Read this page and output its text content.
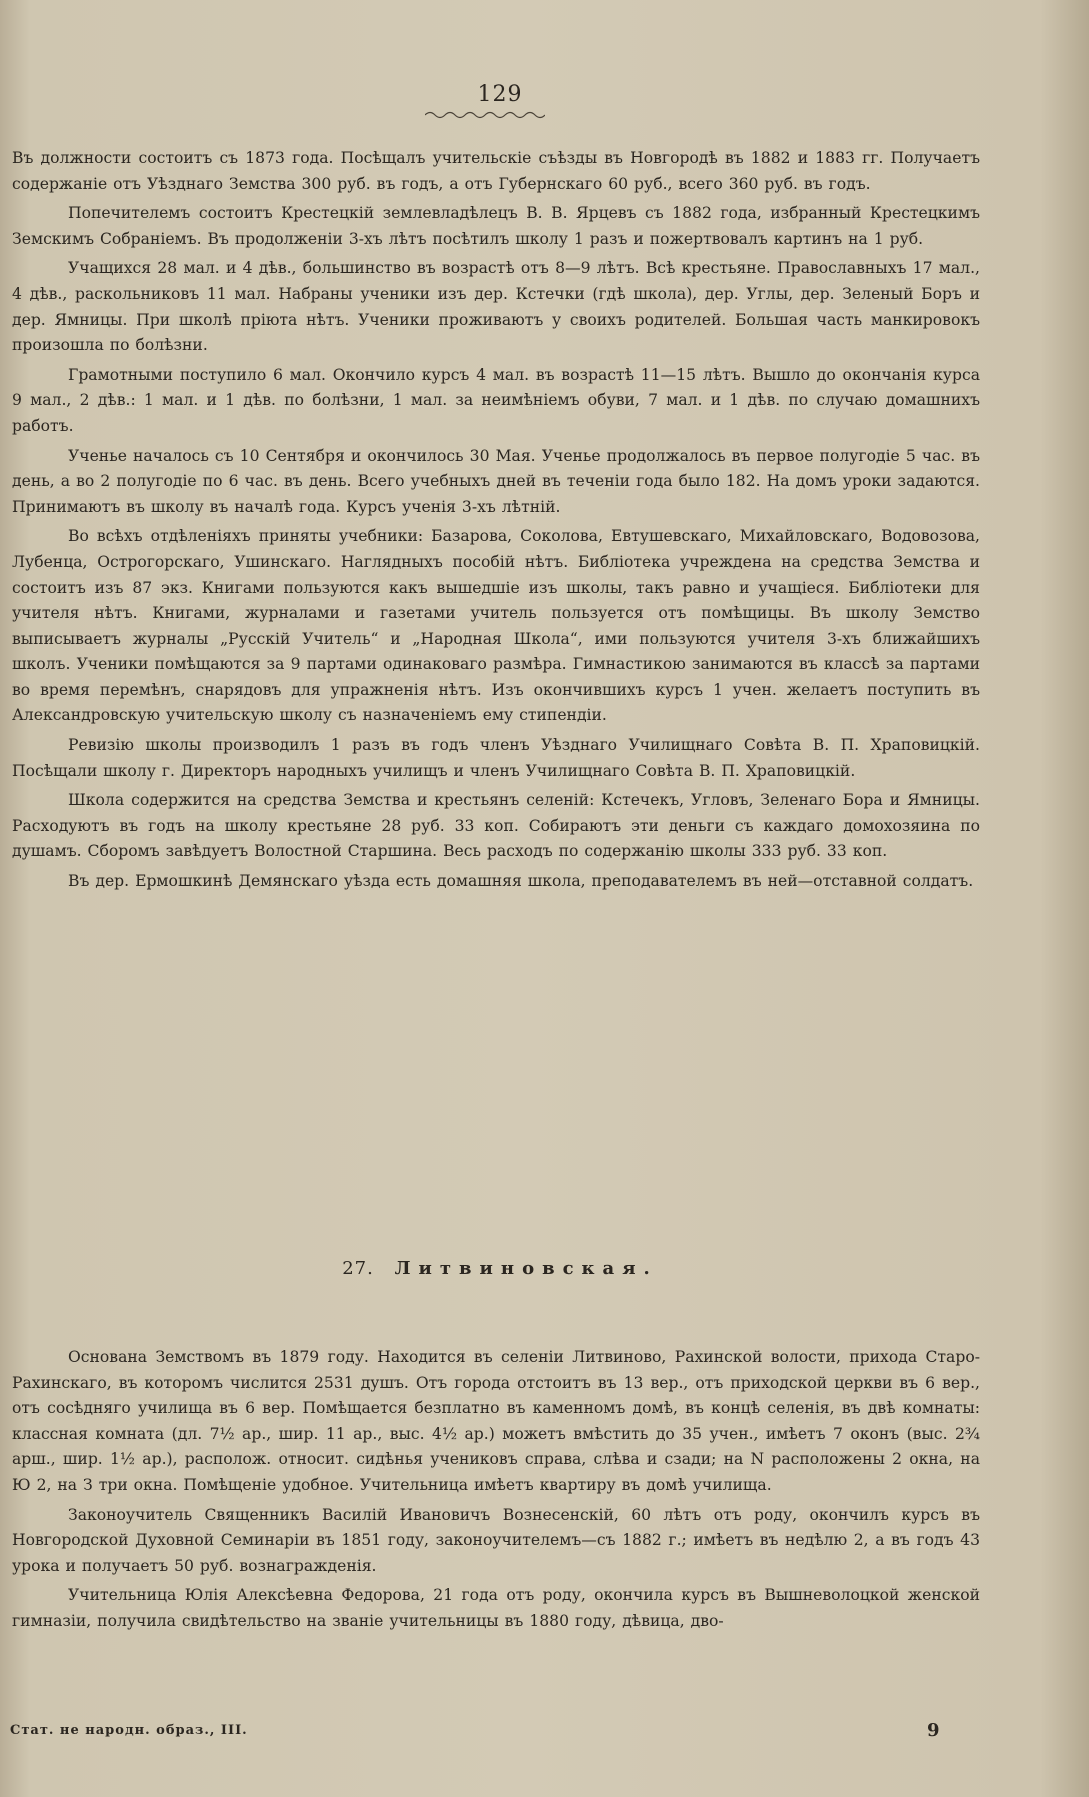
129

Въ должности состоитъ съ 1873 года. Посѣщалъ учительскіе съѣзды въ Новгородѣ въ 1882 и 1883 гг. Получаетъ содержаніе отъ Уѣзднаго Земства 300 руб. въ годъ, а отъ Губернскаго 60 руб., всего 360 руб. въ годъ.

Попечителемъ состоитъ Крестецкій землевладѣлецъ В. В. Ярцевъ съ 1882 года, избранный Крестецкимъ Земскимъ Собраніемъ. Въ продолженіи 3-хъ лѣтъ посѣтилъ школу 1 разъ и пожертвовалъ картинъ на 1 руб.

Учащихся 28 мал. и 4 дѣв., большинство въ возрастѣ отъ 8—9 лѣтъ. Всѣ крестьяне. Православныхъ 17 мал., 4 дѣв., раскольниковъ 11 мал. Набраны ученики изъ дер. Кстечки (гдѣ школа), дер. Углы, дер. Зеленый Боръ и дер. Ямницы. При школѣ пріюта нѣтъ. Ученики проживаютъ у своихъ родителей. Большая часть манкировокъ произошла по болѣзни.

Грамотными поступило 6 мал. Окончило курсъ 4 мал. въ возрастѣ 11—15 лѣтъ. Вышло до окончанія курса 9 мал., 2 дѣв.: 1 мал. и 1 дѣв. по болѣзни, 1 мал. за неимѣніемъ обуви, 7 мал. и 1 дѣв. по случаю домашнихъ работъ.

Ученье началось съ 10 Сентября и окончилось 30 Мая. Ученье продолжалось въ первое полугодіе 5 час. въ день, а во 2 полугодіе по 6 час. въ день. Всего учебныхъ дней въ теченіи года было 182. На домъ уроки задаются. Принимаютъ въ школу въ началѣ года. Курсъ ученія 3-хъ лѣтній.

Во всѣхъ отдѣленіяхъ приняты учебники: Базарова, Соколова, Евтушевскаго, Михайловскаго, Водовозова, Лубенца, Острогорскаго, Ушинскаго. Наглядныхъ пособій нѣтъ. Библіотека учреждена на средства Земства и состоитъ изъ 87 экз. Книгами пользуются какъ вышедшіе изъ школы, такъ равно и учащіеся. Библіотеки для учителя нѣтъ. Книгами, журналами и газетами учитель пользуется отъ помѣщицы. Въ школу Земство выписываетъ журналы „Русскій Учитель“ и „Народная Школа“, ими пользуются учителя 3-хъ ближайшихъ школъ. Ученики помѣщаются за 9 партами одинаковаго размѣра. Гимнастикою занимаются въ классѣ за партами во время перемѣнъ, снарядовъ для упражненія нѣтъ. Изъ окончившихъ курсъ 1 учен. желаетъ поступить въ Александровскую учительскую школу съ назначеніемъ ему стипендіи.

Ревизію школы производилъ 1 разъ въ годъ членъ Уѣзднаго Училищнаго Совѣта В. П. Храповицкій. Посѣщали школу г. Директоръ народныхъ училищъ и членъ Училищнаго Совѣта В. П. Храповицкій.

Школа содержится на средства Земства и крестьянъ селеній: Кстечекъ, Угловъ, Зеленаго Бора и Ямницы. Расходуютъ въ годъ на школу крестьяне 28 руб. 33 коп. Собираютъ эти деньги съ каждаго домохозяина по душамъ. Сборомъ завѣдуетъ Волостной Старшина. Весь расходъ по содержанію школы 333 руб. 33 коп.

Въ дер. Ермошкинѣ Демянскаго уѣзда есть домашняя школа, преподавателемъ въ ней—отставной солдатъ.

27. Литвиновская.

Основана Земствомъ въ 1879 году. Находится въ селеніи Литвиново, Рахинской волости, прихода Старо-Рахинскаго, въ которомъ числится 2531 душъ. Отъ города отстоитъ въ 13 вер., отъ приходской церкви въ 6 вер., отъ сосѣдняго училища въ 6 вер. Помѣщается безплатно въ каменномъ домѣ, въ концѣ селенія, въ двѣ комнаты: классная комната (дл. 7½ ар., шир. 11 ар., выс. 4½ ар.) можетъ вмѣстить до 35 учен., имѣетъ 7 оконъ (выс. 2¾ арш., шир. 1½ ар.), располож. относит. сидѣнья учениковъ справа, слѣва и сзади; на N расположены 2 окна, на Ю 2, на З три окна. Помѣщеніе удобное. Учительница имѣетъ квартиру въ домѣ училища.

Законоучитель Священникъ Василій Ивановичъ Вознесенскій, 60 лѣтъ отъ роду, окончилъ курсъ въ Новгородской Духовной Семинаріи въ 1851 году, законоучителемъ—съ 1882 г.; имѣетъ въ недѣлю 2, а въ годъ 43 урока и получаетъ 50 руб. вознагражденія.

Учительница Юлія Алексѣевна Федорова, 21 года отъ роду, окончила курсъ въ Вышневолоцкой женской гимназіи, получила свидѣтельство на званіе учительницы въ 1880 году, дѣвица, дво-

Стат. не народн. образ., III.	9
